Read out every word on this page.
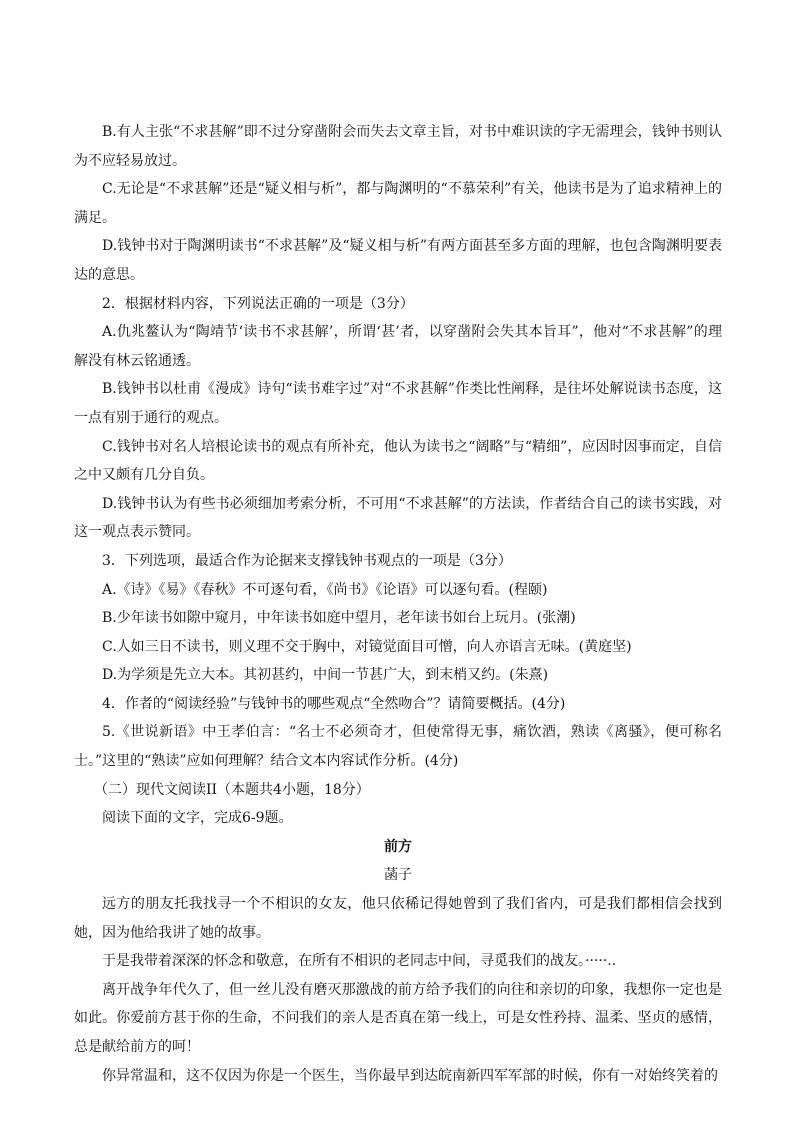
B.有人主张“不求甚解”即不过分穿凿附会而失去文章主旨，对书中难识读的字无需理会，钱钟书则认为不应轻易放过。

C.无论是“不求甚解”还是“疑义相与析”，都与陶渊明的“不慕荣利”有关，他读书是为了追求精神上的满足。

D.钱钟书对于陶渊明读书“不求甚解”及“疑义相与析”有两方面甚至多方面的理解，也包含陶渊明要表达的意思。

2．根据材料内容，下列说法正确的一项是（3分）

A.仇兆鳌认为“陶靖节‘读书不求甚解’，所谓‘甚’者，以穿凿附会失其本旨耳”，他对“不求甚解”的理解没有林云铭通透。

B.钱钟书以杜甫《漫成》诗句“读书难字过”对“不求甚解”作类比性阐释，是往坏处解说读书态度，这一点有别于通行的观点。

C.钱钟书对名人培根论读书的观点有所补充，他认为读书之“阔略”与“精细”，应因时因事而定，自信之中又颇有几分自负。

D.钱钟书认为有些书必须细加考索分析，不可用“不求甚解”的方法读，作者结合自己的读书实践，对这一观点表示赞同。

3．下列选项，最适合作为论据来支撑钱钟书观点的一项是（3分）

A.《诗》《易》《春秋》不可逐句看，《尚书》《论语》可以逐句看。(程颐)

B.少年读书如隙中窥月，中年读书如庭中望月，老年读书如台上玩月。(张潮)

C.人如三日不读书，则义理不交于胸中，对镜觉面目可憎，向人亦语言无味。(黄庭坚)

D.为学须是先立大本。其初甚约，中间一节甚广大，到末梢又约。(朱熹)

4．作者的“阅读经验”与钱钟书的哪些观点“全然吻合”？请简要概括。(4分)

5.《世说新语》中王孝伯言：“名士不必须奇才，但使常得无事，痛饮酒，熟读《离骚》，便可称名士。”这里的“熟读”应如何理解？结合文本内容试作分析。(4分)

（二）现代文阅读II（本题共4小题，18分）

阅读下面的文字，完成6-9题。

前方

菡子

远方的朋友托我找寻一个不相识的女友，他只依稀记得她曾到了我们省内，可是我们都相信会找到她，因为他给我讲了她的故事。

于是我带着深深的怀念和敬意，在所有不相识的老同志中间，寻觅我们的战友。·····..

离开战争年代久了，但一丝儿没有磨灭那激战的前方给予我们的向往和亲切的印象，我想你一定也是如此。你爱前方甚于你的生命，不问我们的亲人是否真在第一线上，可是女性矜持、温柔、坚贞的感情，总是献给前方的呵！

你异常温和，这不仅因为你是一个医生，当你最早到达皖南新四军军部的时候，你有一对始终笑着的
